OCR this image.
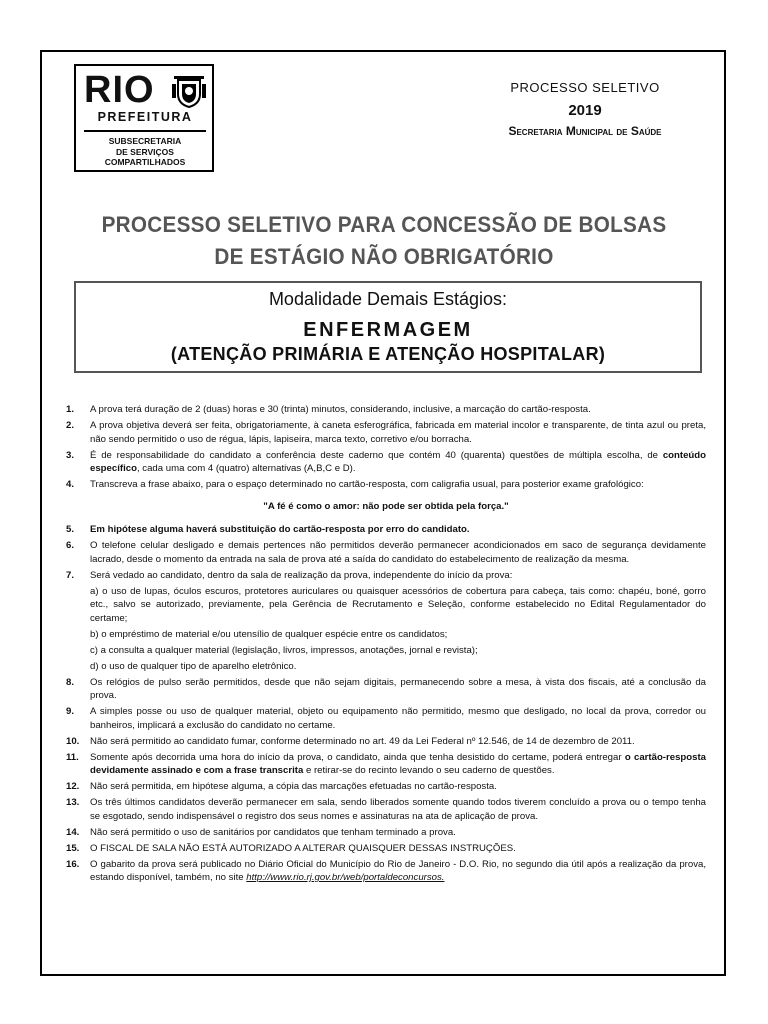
RIO
PREFEITURA
SUBSECRETARIA
DE SERVIÇOS
COMPARTILHADOS
PROCESSO SELETIVO
2019
Secretaria Municipal de Saúde
PROCESSO SELETIVO PARA CONCESSÃO DE BOLSAS
DE ESTÁGIO NÃO OBRIGATÓRIO
Modalidade Demais Estágios:
ENFERMAGEM
(ATENÇÃO PRIMÁRIA E ATENÇÃO HOSPITALAR)
1.	A prova terá duração de 2 (duas) horas e 30 (trinta) minutos, considerando, inclusive, a marcação do cartão-resposta.
2.	A prova objetiva deverá ser feita, obrigatoriamente, à caneta esferográfica, fabricada em material incolor e transparente, de tinta azul ou preta, não sendo permitido o uso de régua, lápis, lapiseira, marca texto, corretivo e/ou borracha.
3.	É de responsabilidade do candidato a conferência deste caderno que contém 40 (quarenta) questões de múltipla escolha, de conteúdo específico, cada uma com 4 (quatro) alternativas (A,B,C e D).
4.	Transcreva a frase abaixo, para o espaço determinado no cartão-resposta, com caligrafia usual, para posterior exame grafológico:
"A fé é como o amor: não pode ser obtida pela força."
5.	Em hipótese alguma haverá substituição do cartão-resposta por erro do candidato.
6.	O telefone celular desligado e demais pertences não permitidos deverão permanecer acondicionados em saco de segurança devidamente lacrado, desde o momento da entrada na sala de prova até a saída do candidato do estabelecimento de realização da mesma.
7.	Será vedado ao candidato, dentro da sala de realização da prova, independente do início da prova:
a) o uso de lupas, óculos escuros, protetores auriculares ou quaisquer acessórios de cobertura para cabeça, tais como: chapéu, boné, gorro etc., salvo se autorizado, previamente, pela Gerência de Recrutamento e Seleção, conforme estabelecido no Edital Regulamentador do certame;
b) o empréstimo de material e/ou utensílio de qualquer espécie entre os candidatos;
c) a consulta a qualquer material (legislação, livros, impressos, anotações, jornal e revista);
d) o uso de qualquer tipo de aparelho eletrônico.
8.	Os relógios de pulso serão permitidos, desde que não sejam digitais, permanecendo sobre a mesa, à vista dos fiscais, até a conclusão da prova.
9.	A simples posse ou uso de qualquer material, objeto ou equipamento não permitido, mesmo que desligado, no local da prova, corredor ou banheiros, implicará a exclusão do candidato no certame.
10.	Não será permitido ao candidato fumar, conforme determinado no art. 49 da Lei Federal nº 12.546, de 14 de dezembro de 2011.
11.	Somente após decorrida uma hora do início da prova, o candidato, ainda que tenha desistido do certame, poderá entregar o cartão-resposta devidamente assinado e com a frase transcrita e retirar-se do recinto levando o seu caderno de questões.
12.	Não será permitida, em hipótese alguma, a cópia das marcações efetuadas no cartão-resposta.
13.	Os três últimos candidatos deverão permanecer em sala, sendo liberados somente quando todos tiverem concluído a prova ou o tempo tenha se esgotado, sendo indispensável o registro dos seus nomes e assinaturas na ata de aplicação de prova.
14.	Não será permitido o uso de sanitários por candidatos que tenham terminado a prova.
15.	O FISCAL DE SALA NÃO ESTÁ AUTORIZADO A ALTERAR QUAISQUER DESSAS INSTRUÇÕES.
16.	O gabarito da prova será publicado no Diário Oficial do Município do Rio de Janeiro - D.O. Rio, no segundo dia útil após a realização da prova, estando disponível, também, no site http://www.rio.rj.gov.br/web/portaldeconcursos.
